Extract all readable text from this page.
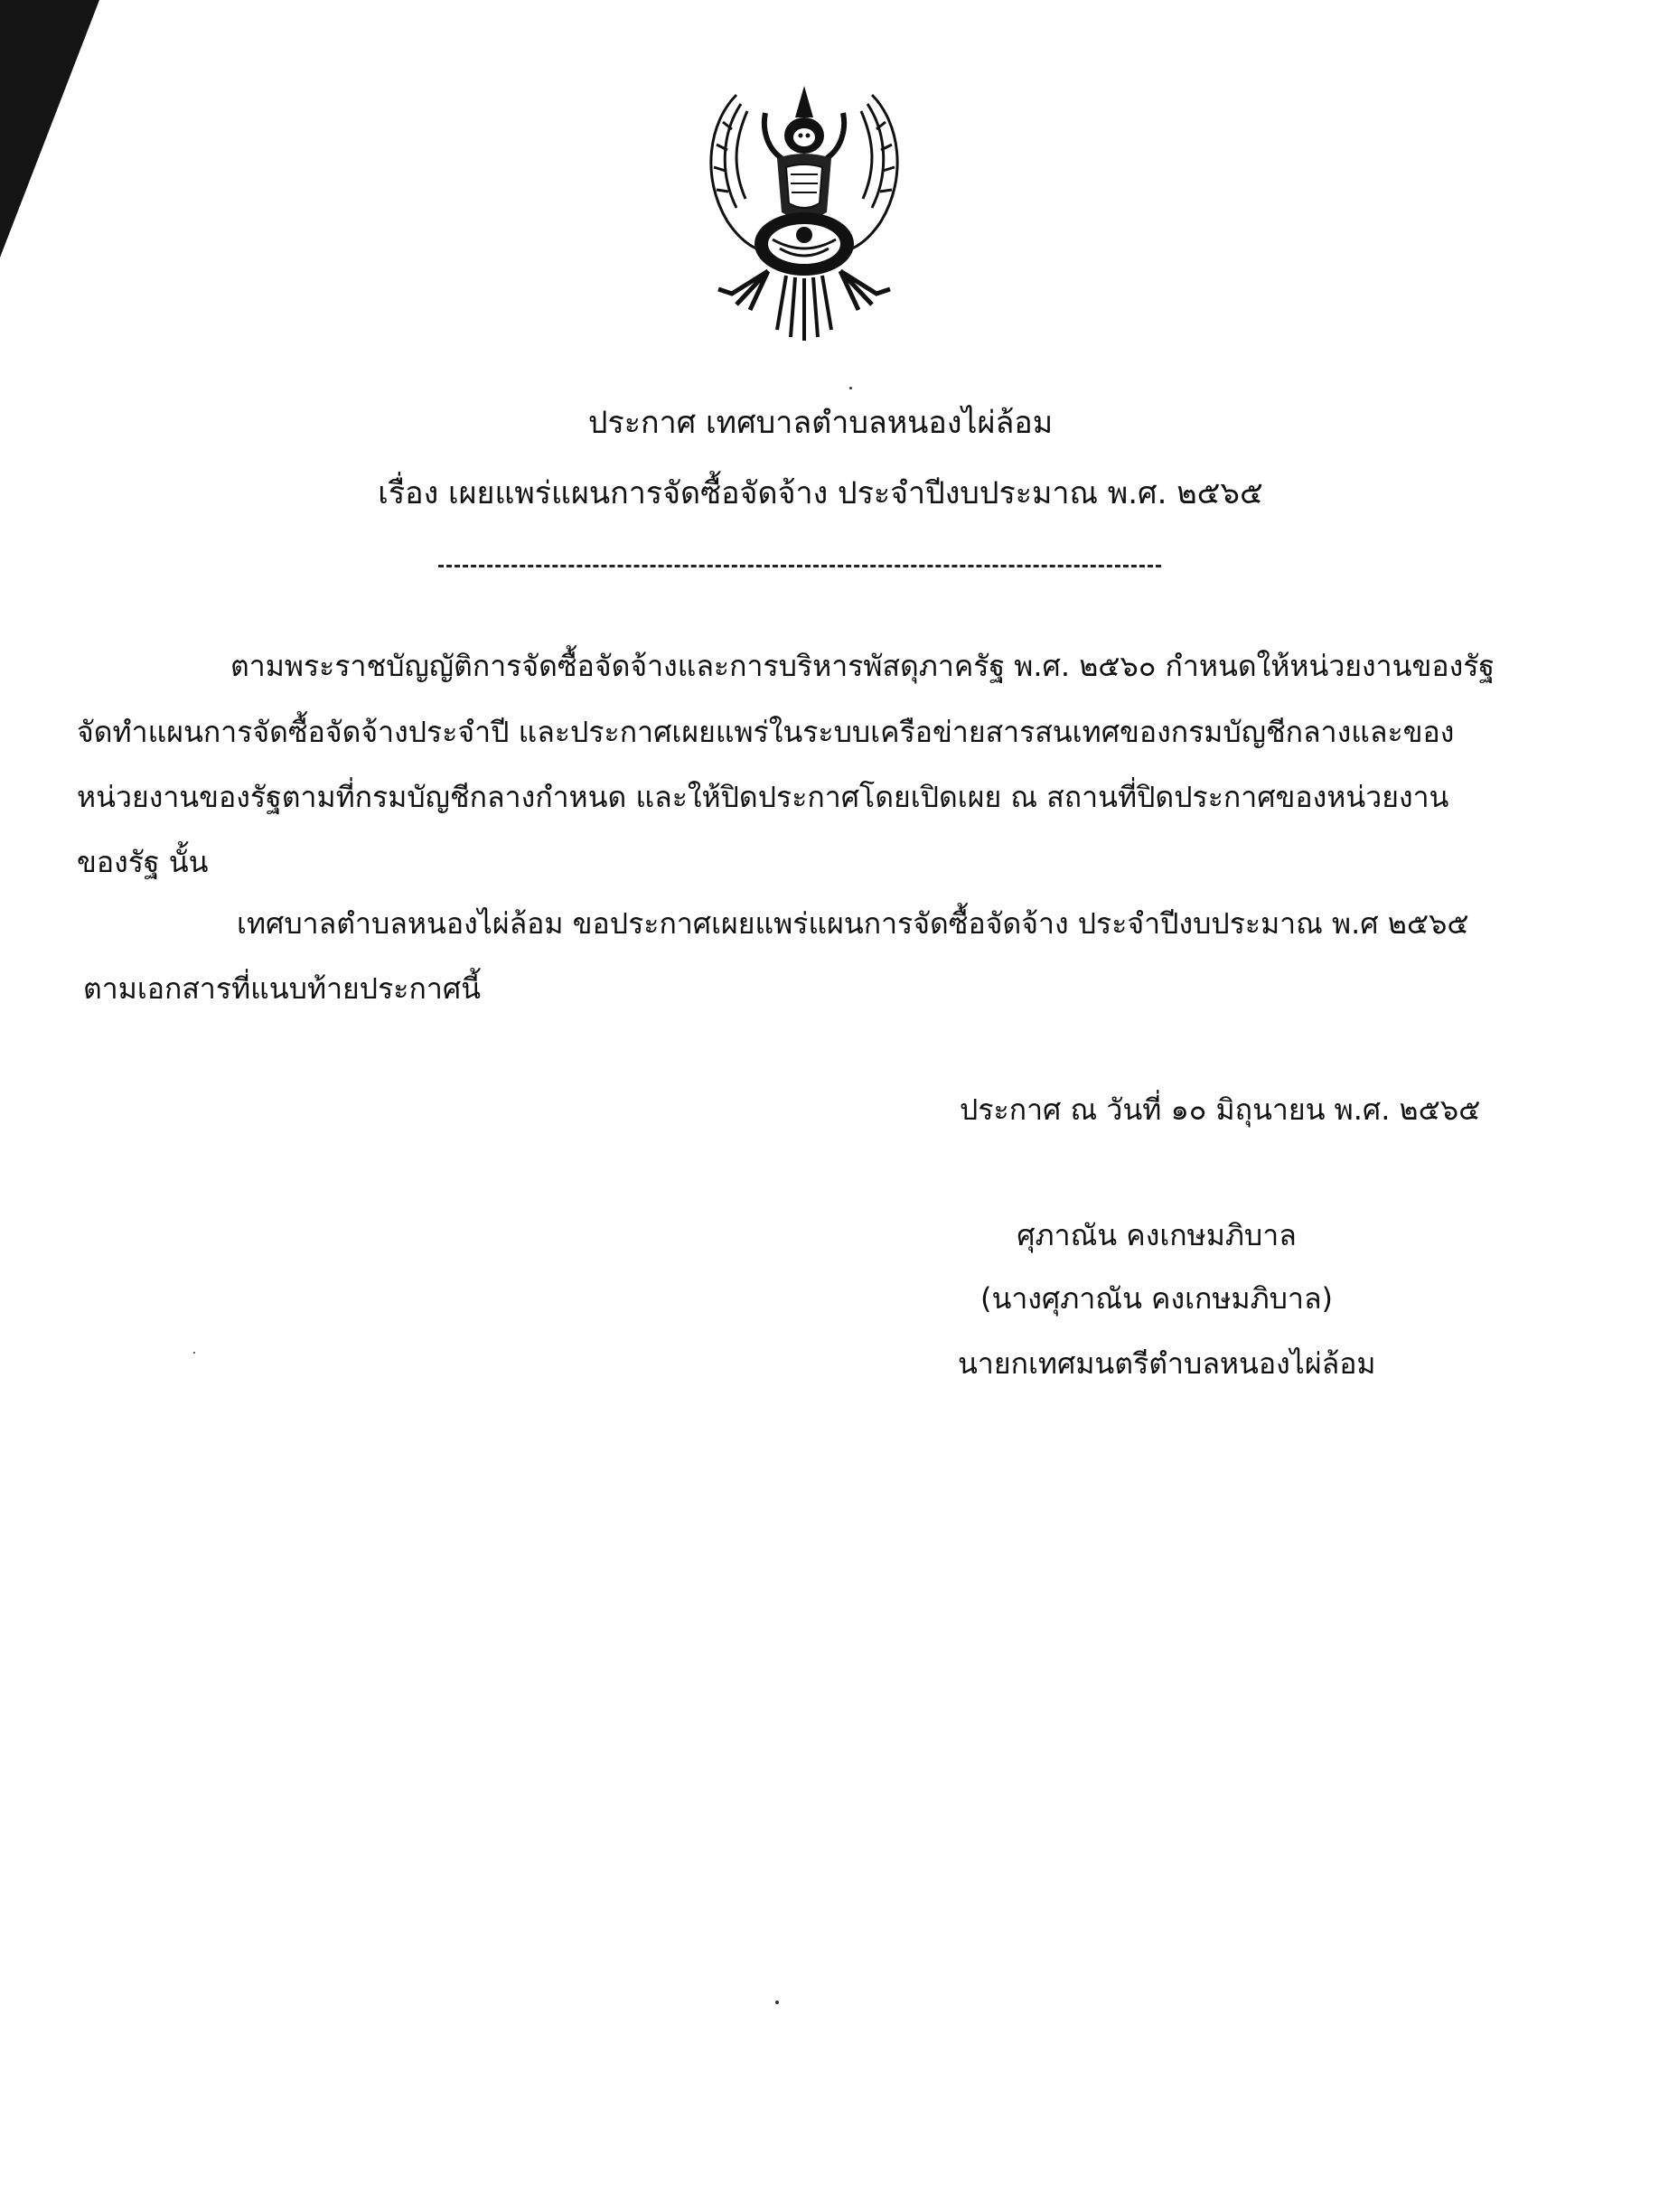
ประกาศ เทศบาลตำบลหนองไผ่ล้อม
เรื่อง เผยแพร่แผนการจัดซื้อจัดจ้าง ประจำปีงบประมาณ พ.ศ. ๒๕๖๕
ตามพระราชบัญญัติการจัดซื้อจัดจ้างและการบริหารพัสดุภาครัฐ พ.ศ. ๒๕๖๐ กำหนดให้หน่วยงานของรัฐ
จัดทำแผนการจัดซื้อจัดจ้างประจำปี และประกาศเผยแพร่ในระบบเครือข่ายสารสนเทศของกรมบัญชีกลางและของ
หน่วยงานของรัฐตามที่กรมบัญชีกลางกำหนด และให้ปิดประกาศโดยเปิดเผย ณ สถานที่ปิดประกาศของหน่วยงาน
ของรัฐ นั้น
เทศบาลตำบลหนองไผ่ล้อม ขอประกาศเผยแพร่แผนการจัดซื้อจัดจ้าง ประจำปีงบประมาณ พ.ศ ๒๕๖๕
ตามเอกสารที่แนบท้ายประกาศนี้
ประกาศ ณ วันที่ ๑๐ มิถุนายน พ.ศ. ๒๕๖๕
ศุภาณัน คงเกษมภิบาล
(นางศุภาณัน คงเกษมภิบาล)
นายกเทศมนตรีตำบลหนองไผ่ล้อม
